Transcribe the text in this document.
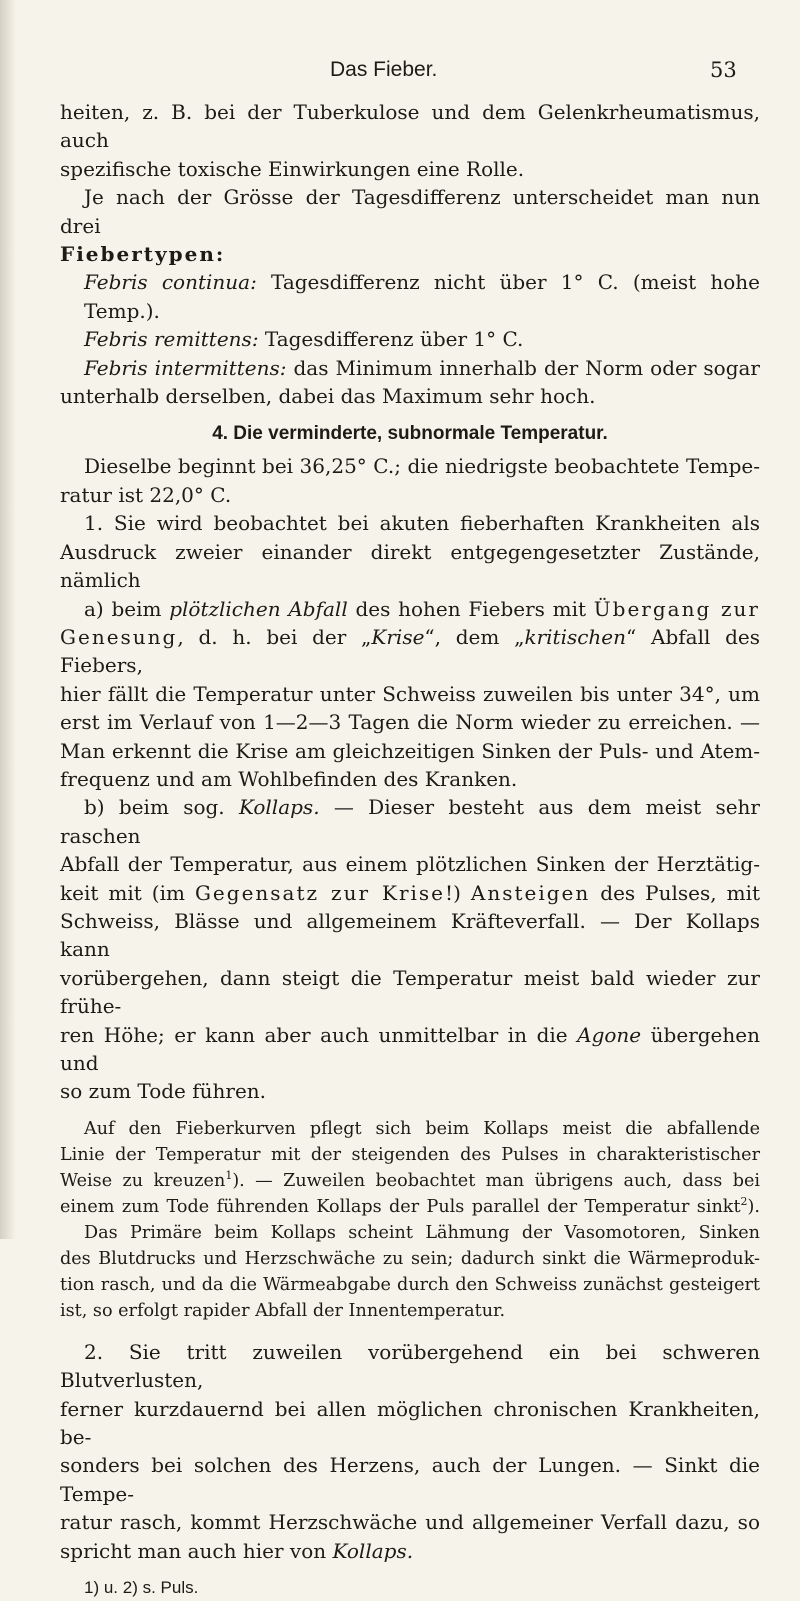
Das Fieber.	53

heiten, z. B. bei der Tuberkulose und dem Gelenkrheumatismus, auch

spezifische toxische Einwirkungen eine Rolle.

Je nach der Grösse der Tagesdifferenz unterscheidet man nun drei

Fiebertypen:

Febris continua: Tagesdifferenz nicht über 1° C. (meist hohe Temp.).

Febris remittens: Tagesdifferenz über 1° C.

Febris intermittens: das Minimum innerhalb der Norm oder sogar

unterhalb derselben, dabei das Maximum sehr hoch.

4. Die verminderte, subnormale Temperatur.

Dieselbe beginnt bei 36,25° C.; die niedrigste beobachtete Tempe-

ratur ist 22,0° C.

1. Sie wird beobachtet bei akuten fieberhaften Krankheiten als

Ausdruck zweier einander direkt entgegengesetzter Zustände, nämlich

a) beim plötzlichen Abfall des hohen Fiebers mit Übergang zur

Genesung, d. h. bei der „Krise“, dem „kritischen“ Abfall des Fiebers,

hier fällt die Temperatur unter Schweiss zuweilen bis unter 34°, um

erst im Verlauf von 1—2—3 Tagen die Norm wieder zu erreichen. —

Man erkennt die Krise am gleichzeitigen Sinken der Puls- und Atem-

frequenz und am Wohlbefinden des Kranken.

b) beim sog. Kollaps. — Dieser besteht aus dem meist sehr raschen

Abfall der Temperatur, aus einem plötzlichen Sinken der Herztätig-

keit mit (im Gegensatz zur Krise!) Ansteigen des Pulses, mit

Schweiss, Blässe und allgemeinem Kräfteverfall. — Der Kollaps kann

vorübergehen, dann steigt die Temperatur meist bald wieder zur frühe-

ren Höhe; er kann aber auch unmittelbar in die Agone übergehen und

so zum Tode führen.

Auf den Fieberkurven pflegt sich beim Kollaps meist die abfallende

Linie der Temperatur mit der steigenden des Pulses in charakteristischer

Weise zu kreuzen$^1$). — Zuweilen beobachtet man übrigens auch, dass bei

einem zum Tode führenden Kollaps der Puls parallel der Temperatur sinkt$^2$).

Das Primäre beim Kollaps scheint Lähmung der Vasomotoren, Sinken

des Blutdrucks und Herzschwäche zu sein; dadurch sinkt die Wärmeproduk-

tion rasch, und da die Wärmeabgabe durch den Schweiss zunächst gesteigert

ist, so erfolgt rapider Abfall der Innentemperatur.

2. Sie tritt zuweilen vorübergehend ein bei schweren Blutverlusten,

ferner kurzdauernd bei allen möglichen chronischen Krankheiten, be-

sonders bei solchen des Herzens, auch der Lungen. — Sinkt die Tempe-

ratur rasch, kommt Herzschwäche und allgemeiner Verfall dazu, so

spricht man auch hier von Kollaps.

1) u. 2) s. Puls.
